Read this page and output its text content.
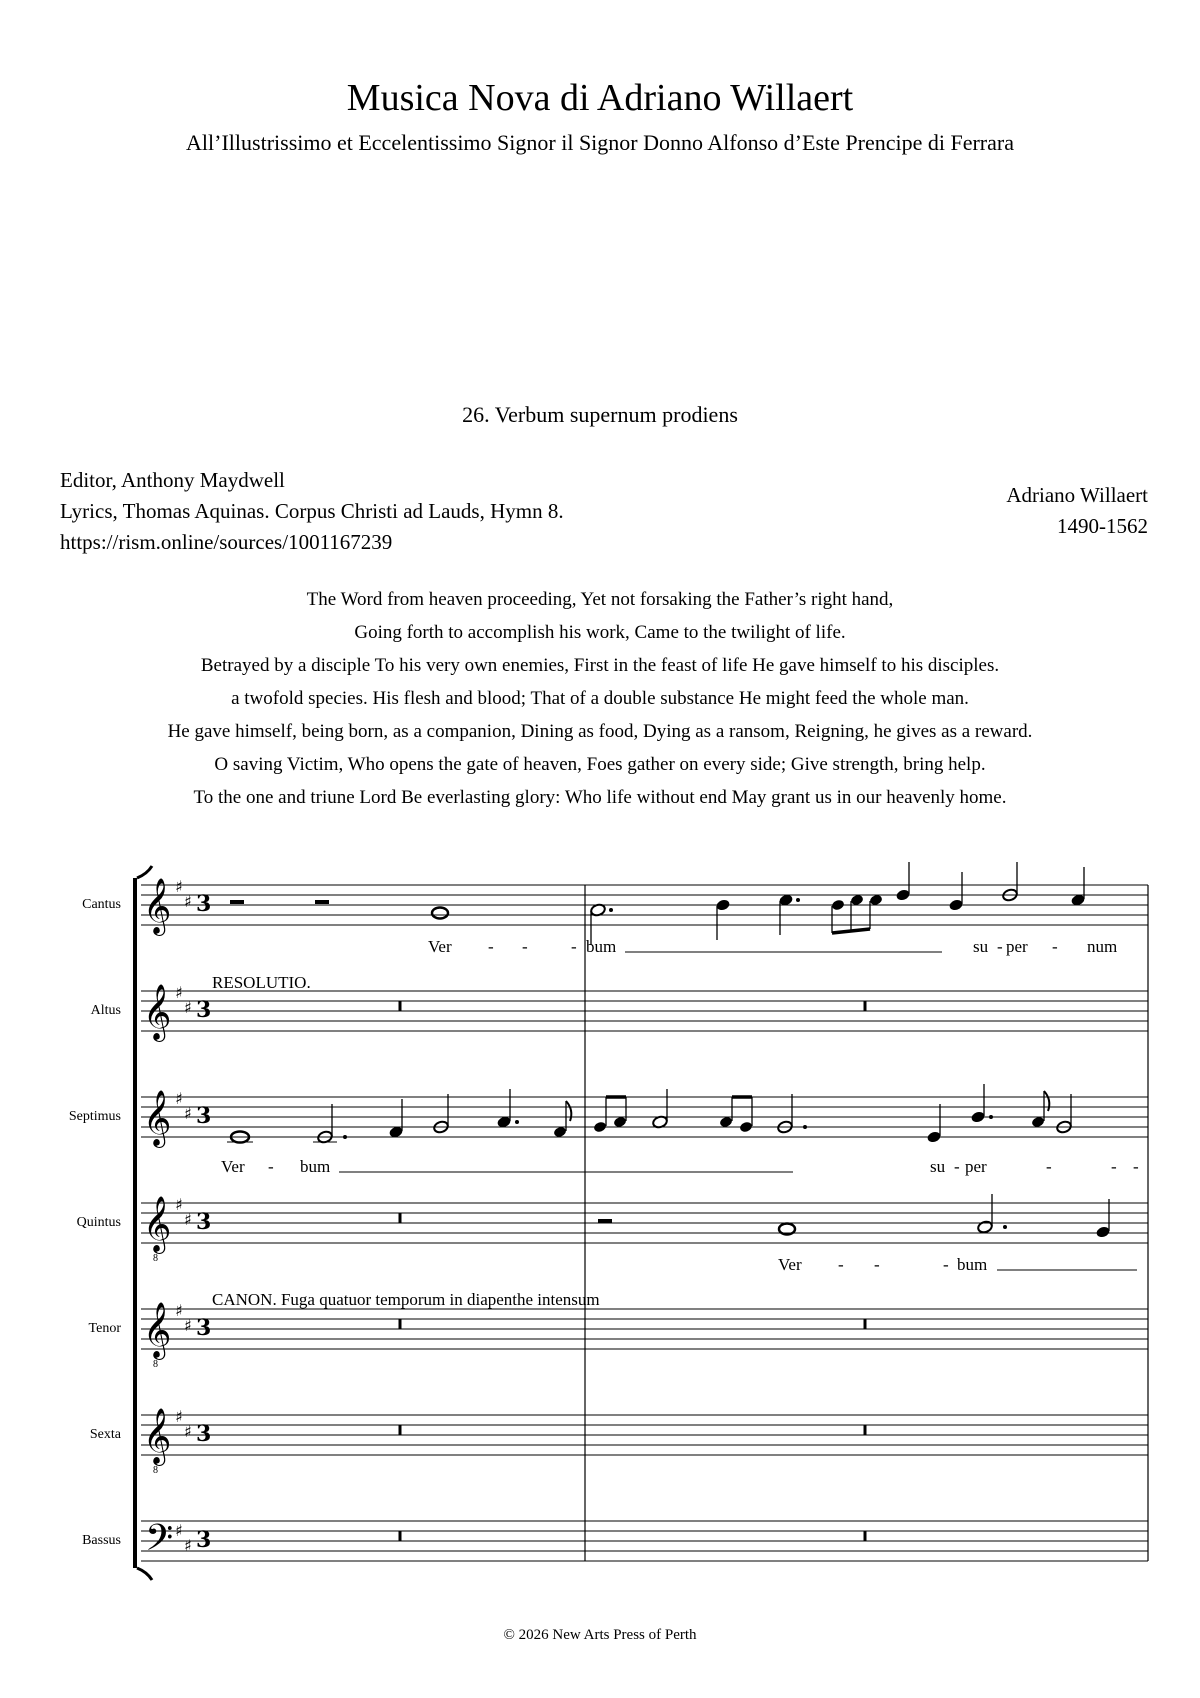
Musica Nova di Adriano Willaert
All’Illustrissimo et Eccelentissimo Signor il Signor Donno Alfonso d’Este Prencipe di Ferrara
26. Verbum supernum prodiens
Editor, Anthony Maydwell
Lyrics, Thomas Aquinas. Corpus Christi ad Lauds, Hymn 8.
https://rism.online/sources/1001167239
Adriano Willaert
1490-1562
The Word from heaven proceeding, Yet not forsaking the Father’s right hand,
Going forth to accomplish his work, Came to the twilight of life.
Betrayed by a disciple To his very own enemies, First in the feast of life He gave himself to his disciples.
a twofold species. His flesh and blood; That of a double substance He might feed the whole man.
He gave himself, being born, as a companion, Dining as food, Dying as a ransom, Reigning, he gives as a reward.
O saving Victim, Who opens the gate of heaven, Foes gather on every side; Give strength, bring help.
To the one and triune Lord Be everlasting glory: Who life without end May grant us in our heavenly home.
RESOLUTIO.
CANON. Fuga quatuor temporum in diapenthe intensum
Cantus
Altus
Septimus
Quintus
Tenor
Sexta
Bassus
𝄞 ♯
♯ 3
𝄞 ♯
♯ 3
𝄞 ♯
♯ 3
𝄞
8
♯
♯ 3
𝄞
8
♯
♯ 3
𝄞
8
♯
♯ 3
𝄢 ♯
♯ 3
Ver - -	- bum	su - per - num
Ver - bum	su - per	-	- -
Ver - -	- bum
© 2026 New Arts Press of Perth
